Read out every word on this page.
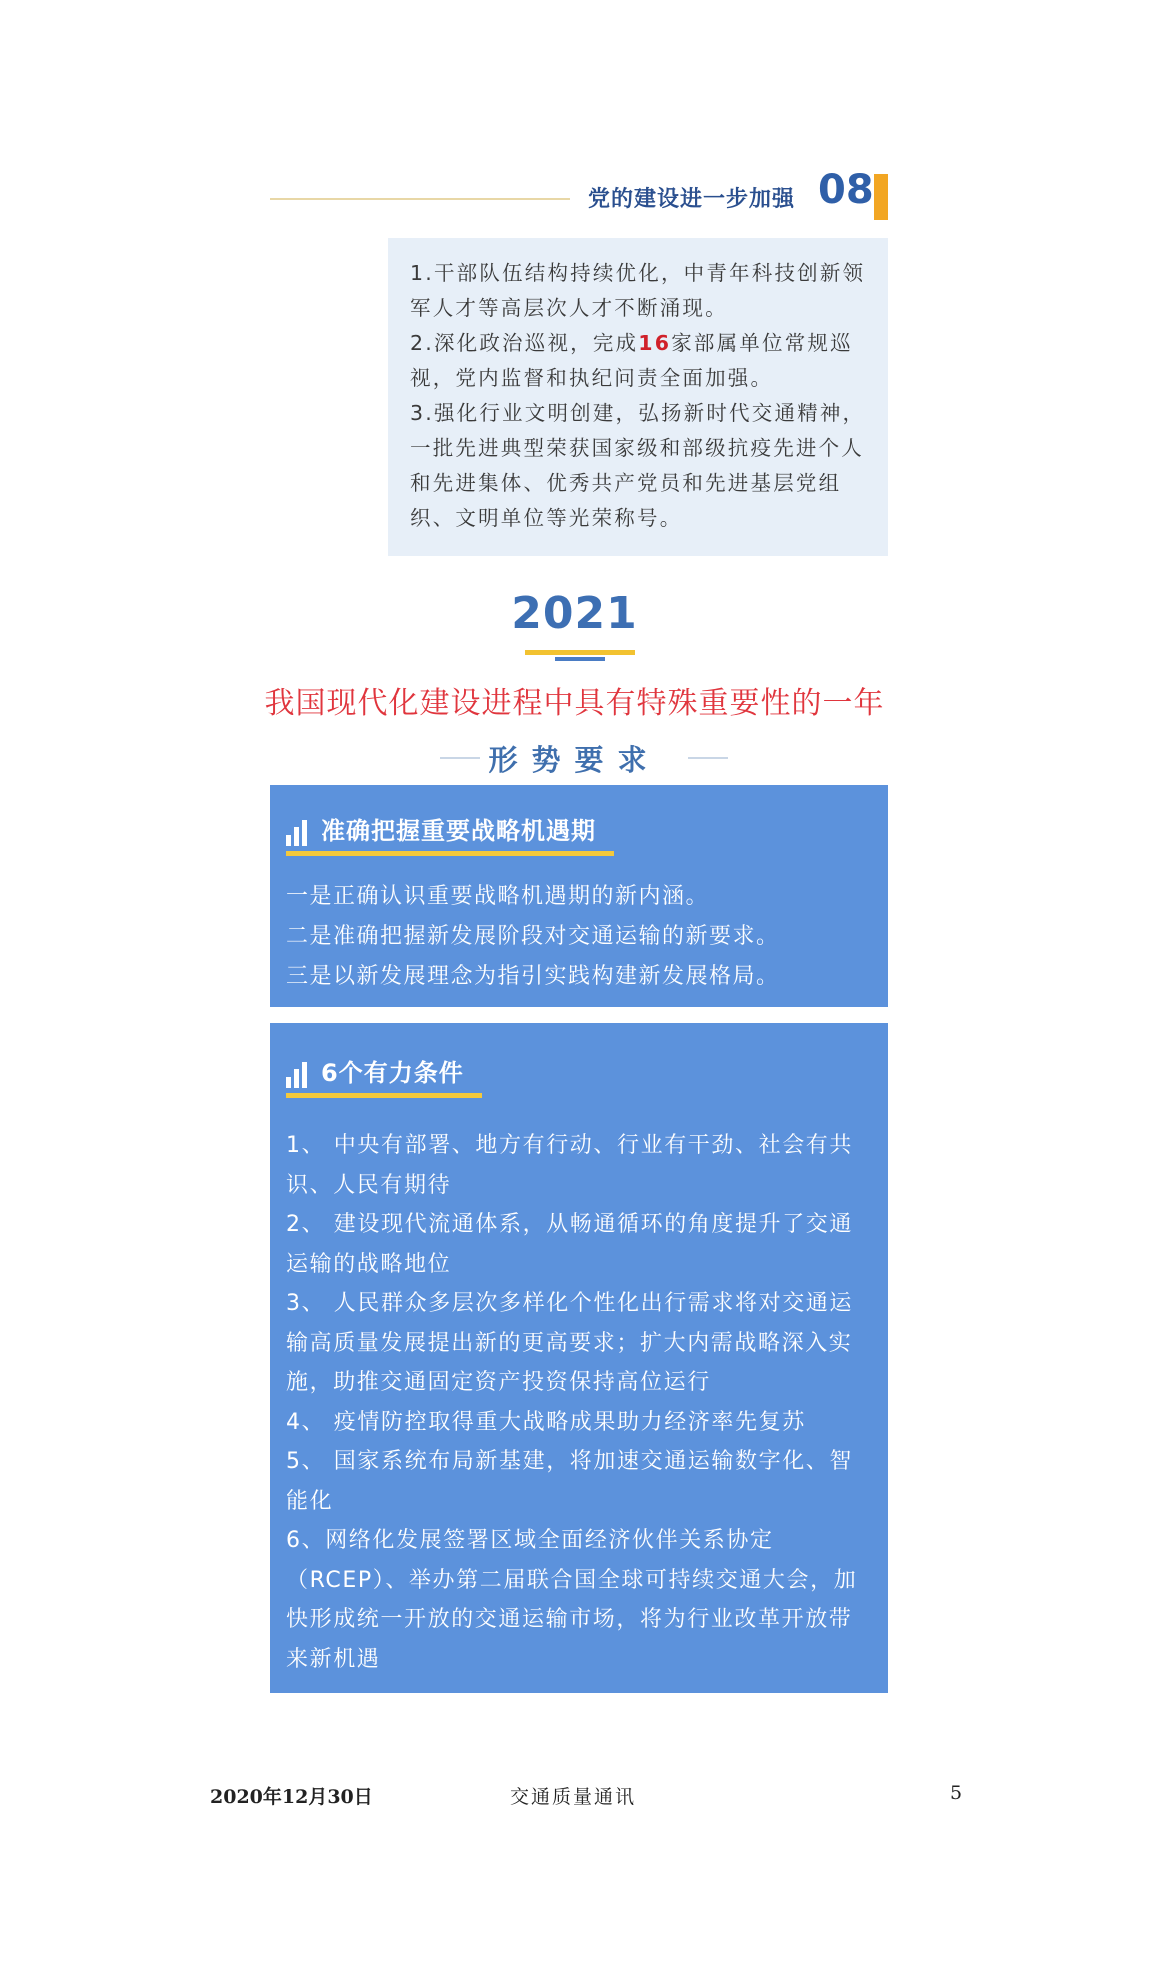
党的建设进一步加强 08

1.干部队伍结构持续优化，中青年科技创新领军人才等高层次人才不断涌现。

2.深化政治巡视，完成16家部属单位常规巡视，党内监督和执纪问责全面加强。

3.强化行业文明创建，弘扬新时代交通精神，一批先进典型荣获国家级和部级抗疫先进个人和先进集体、优秀共产党员和先进基层党组织、文明单位等光荣称号。

2021
我国现代化建设进程中具有特殊重要性的一年
形势要求
准确把握重要战略机遇期

一是正确认识重要战略机遇期的新内涵。

二是准确把握新发展阶段对交通运输的新要求。

三是以新发展理念为指引实践构建新发展格局。

6个有力条件

1、 中央有部署、地方有行动、行业有干劲、社会有共识、人民有期待

2、 建设现代流通体系，从畅通循环的角度提升了交通运输的战略地位

3、 人民群众多层次多样化个性化出行需求将对交通运输高质量发展提出新的更高要求；扩大内需战略深入实施，助推交通固定资产投资保持高位运行

4、 疫情防控取得重大战略成果助力经济率先复苏

5、 国家系统布局新基建，将加速交通运输数字化、智能化

6、网络化发展签署区域全面经济伙伴关系协定（RCEP）、举办第二届联合国全球可持续交通大会，加快形成统一开放的交通运输市场，将为行业改革开放带来新机遇

2020年12月30日	交通质量通讯	5
